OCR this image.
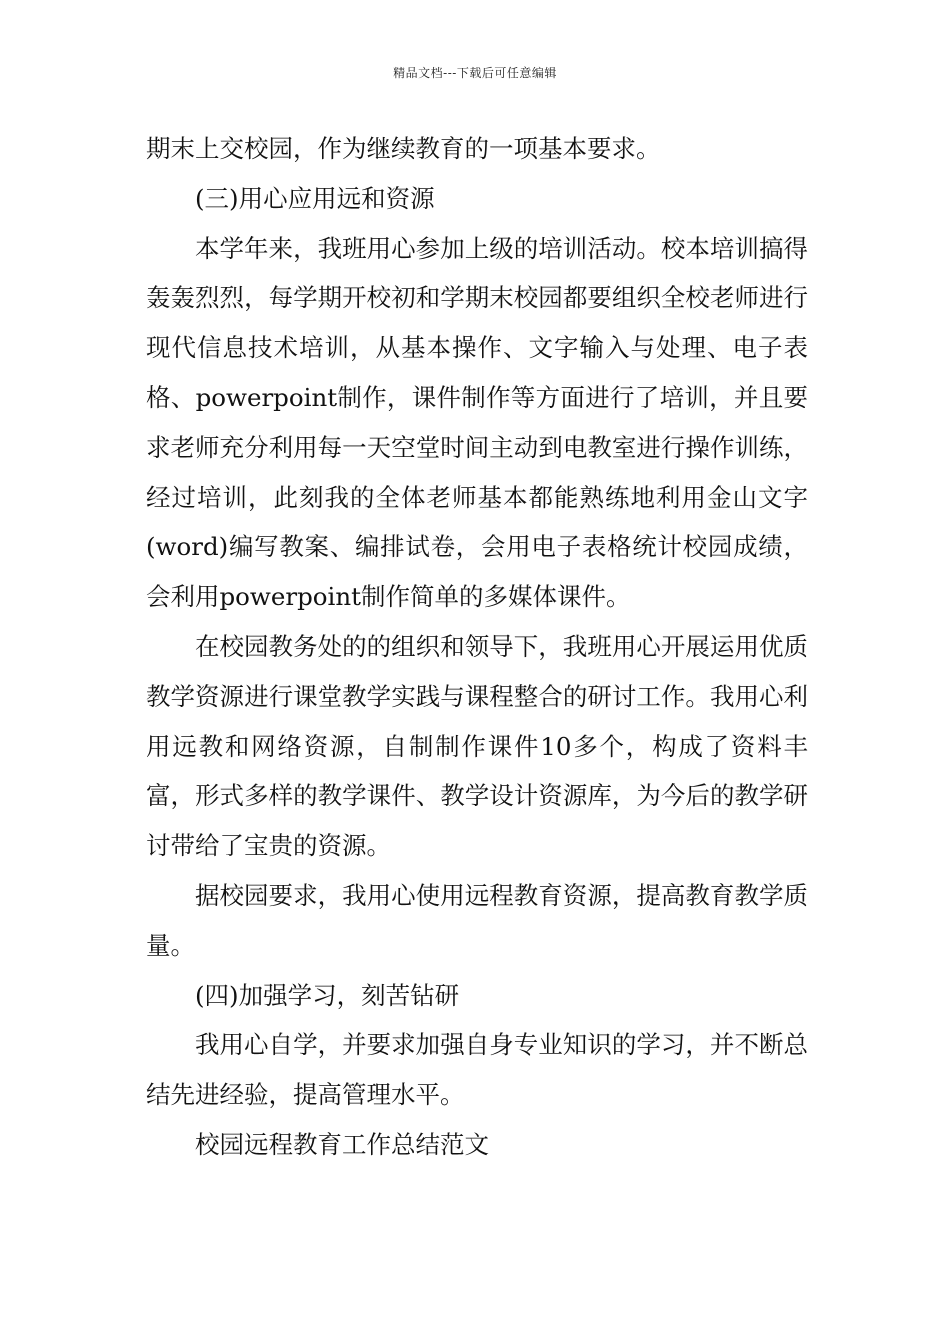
精品文档---下载后可任意编辑

期末上交校园，作为继续教育的一项基本要求。

(三)用心应用远和资源

本学年来，我班用心参加上级的培训活动。校本培训搞得轰轰烈烈，每学期开校初和学期末校园都要组织全校老师进行现代信息技术培训，从基本操作、文字输入与处理、电子表格、powerpoint制作，课件制作等方面进行了培训，并且要求老师充分利用每一天空堂时间主动到电教室进行操作训练，经过培训，此刻我的全体老师基本都能熟练地利用金山文字(word)编写教案、编排试卷，会用电子表格统计校园成绩，会利用powerpoint制作简单的多媒体课件。

在校园教务处的的组织和领导下，我班用心开展运用优质教学资源进行课堂教学实践与课程整合的研讨工作。我用心利用远教和网络资源，自制制作课件10多个，构成了资料丰富，形式多样的教学课件、教学设计资源库，为今后的教学研讨带给了宝贵的资源。

据校园要求，我用心使用远程教育资源，提高教育教学质量。

(四)加强学习，刻苦钻研

我用心自学，并要求加强自身专业知识的学习，并不断总结先进经验，提高管理水平。

校园远程教育工作总结范文
